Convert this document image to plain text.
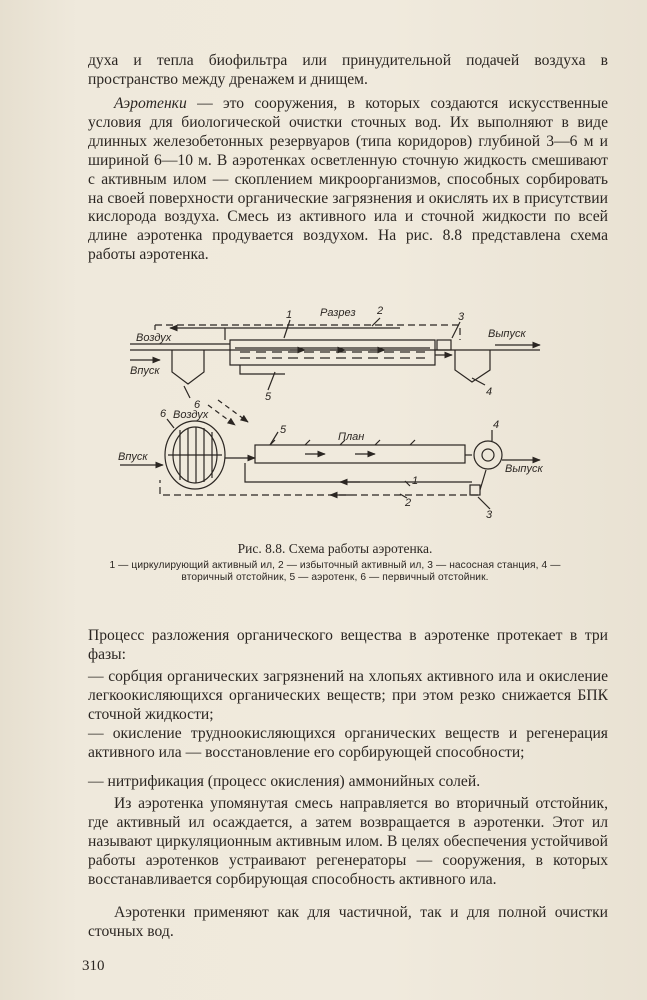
духа и тепла биофильтра или принудительной подачей воздуха в пространство между дренажем и днищем.

Аэротенки — это сооружения, в которых создаются искусственные условия для биологической очистки сточных вод. Их выполняют в виде длинных железобетонных резервуаров (типа коридоров) глубиной 3—6 м и шириной 6—10 м. В аэротенках осветленную сточную жидкость смешивают с активным илом — скоплением микроорганизмов, способных сорбировать на своей поверхности органические загрязнения и окислять их в присутствии кислорода воздуха. Смесь из активного ила и сточной жидкости по всей длине аэротенка продувается воздухом. На рис. 8.8 представлена схема работы аэротенка.

Разрез 2
1	3
Воздух	Выпуск
Впуск
4
5
6
Воздух
6
5
План
4
Впуск
Выпуск
1
2
3

Рис. 8.8. Схема работы аэротенка.

1 — циркулирующий активный ил, 2 — избыточный активный ил, 3 — насосная станция, 4 — вторичный отстойник, 5 — аэротенк, 6 — первичный отстойник.

Процесс разложения органического вещества в аэротенке протекает в три фазы:

— сорбция органических загрязнений на хлопьях активного ила и окисление легкоокисляющихся органических веществ; при этом резко снижается БПК сточной жидкости;

— окисление трудноокисляющихся органических веществ и регенерация активного ила — восстановление его сорбирующей способности;

— нитрификация (процесс окисления) аммонийных солей.

Из аэротенка упомянутая смесь направляется во вторичный отстойник, где активный ил осаждается, а затем возвращается в аэротенки. Этот ил называют циркуляционным активным илом. В целях обеспечения устойчивой работы аэротенков устраивают регенераторы — сооружения, в которых восстанавливается сорбирующая способность активного ила.

Аэротенки применяют как для частичной, так и для полной очистки сточных вод.

310
